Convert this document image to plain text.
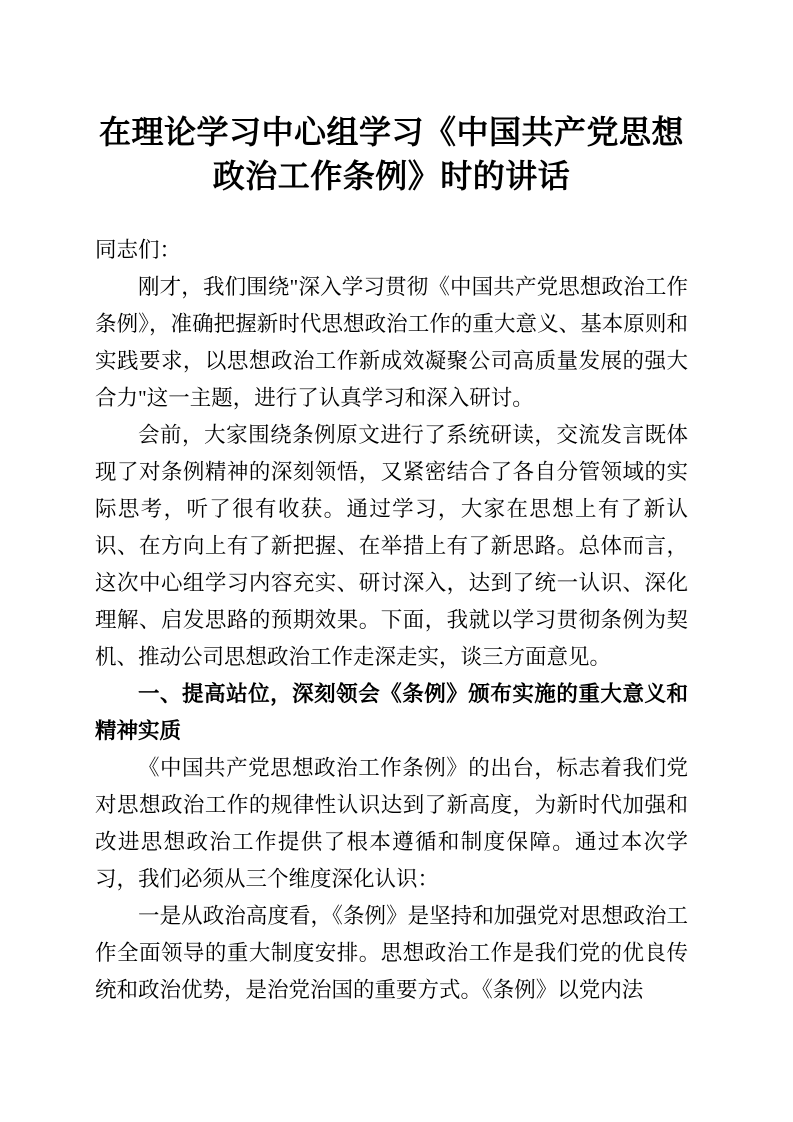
在理论学习中心组学习《中国共产党思想政治工作条例》时的讲话

同志们：

刚才，我们围绕"深入学习贯彻《中国共产党思想政治工作条例》，准确把握新时代思想政治工作的重大意义、基本原则和实践要求，以思想政治工作新成效凝聚公司高质量发展的强大合力"这一主题，进行了认真学习和深入研讨。

会前，大家围绕条例原文进行了系统研读，交流发言既体现了对条例精神的深刻领悟，又紧密结合了各自分管领域的实际思考，听了很有收获。通过学习，大家在思想上有了新认识、在方向上有了新把握、在举措上有了新思路。总体而言，这次中心组学习内容充实、研讨深入，达到了统一认识、深化理解、启发思路的预期效果。下面，我就以学习贯彻条例为契机、推动公司思想政治工作走深走实，谈三方面意见。

一、提高站位，深刻领会《条例》颁布实施的重大意义和精神实质

《中国共产党思想政治工作条例》的出台，标志着我们党对思想政治工作的规律性认识达到了新高度，为新时代加强和改进思想政治工作提供了根本遵循和制度保障。通过本次学习，我们必须从三个维度深化认识：

一是从政治高度看，《条例》是坚持和加强党对思想政治工作全面领导的重大制度安排。思想政治工作是我们党的优良传统和政治优势，是治党治国的重要方式。《条例》以党内法
